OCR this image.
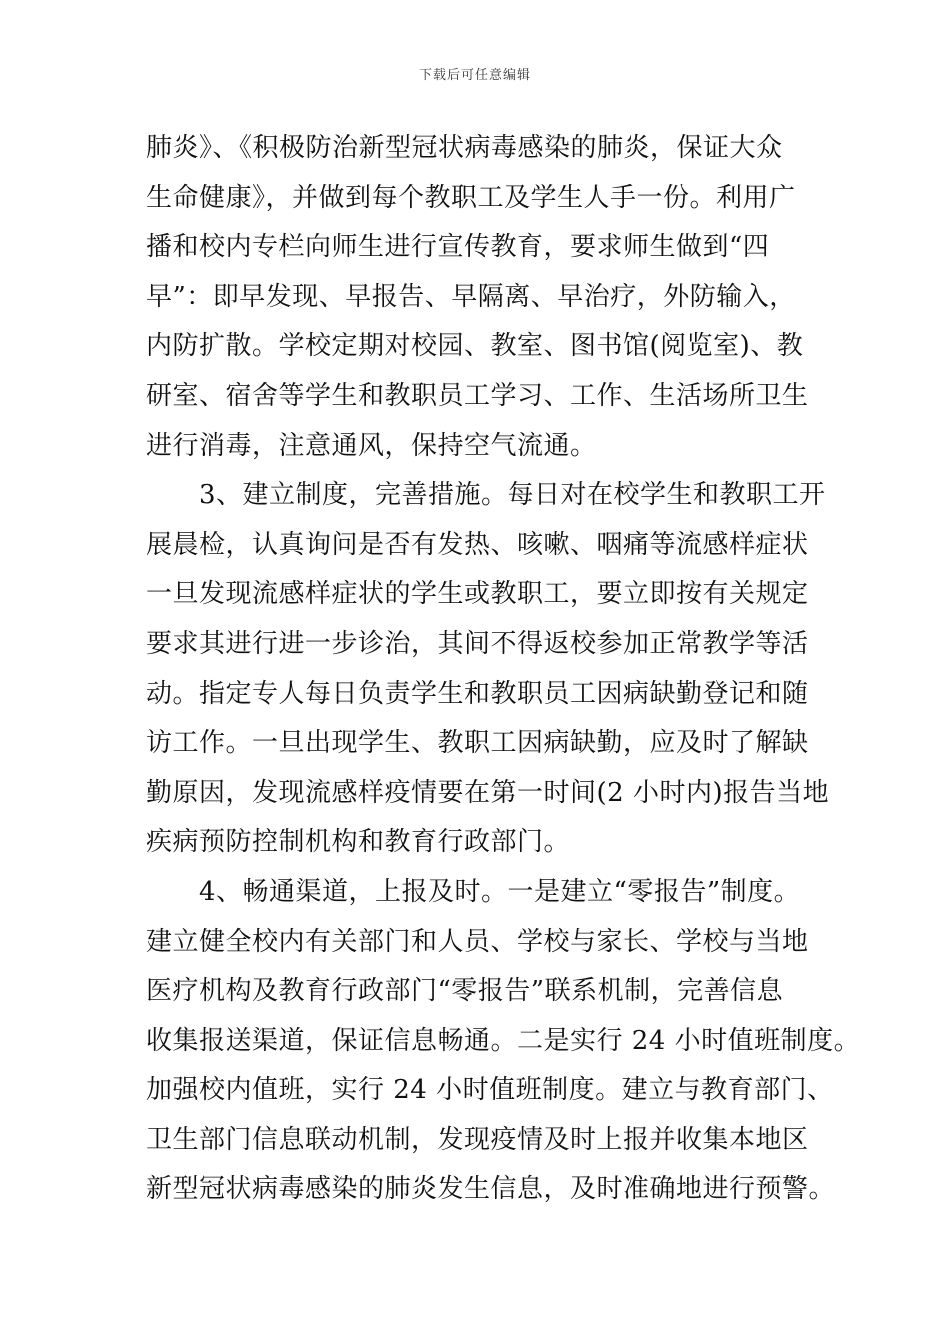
下载后可任意编辑
肺炎》、《积极防治新型冠状病毒感染的肺炎，保证大众
生命健康》，并做到每个教职工及学生人手一份。利用广
播和校内专栏向师生进行宣传教育，要求师生做到“四
早”：即早发现、早报告、早隔离、早治疗，外防输入，
内防扩散。学校定期对校园、教室、图书馆(阅览室)、教
研室、宿舍等学生和教职员工学习、工作、生活场所卫生
进行消毒，注意通风，保持空气流通。
　　3、建立制度，完善措施。每日对在校学生和教职工开
展晨检，认真询问是否有发热、咳嗽、咽痛等流感样症状
一旦发现流感样症状的学生或教职工，要立即按有关规定
要求其进行进一步诊治，其间不得返校参加正常教学等活
动。指定专人每日负责学生和教职员工因病缺勤登记和随
访工作。一旦出现学生、教职工因病缺勤，应及时了解缺
勤原因，发现流感样疫情要在第一时间(2 小时内)报告当地
疾病预防控制机构和教育行政部门。
　　4、畅通渠道，上报及时。一是建立“零报告”制度。
建立健全校内有关部门和人员、学校与家长、学校与当地
医疗机构及教育行政部门“零报告”联系机制，完善信息
收集报送渠道，保证信息畅通。二是实行 24 小时值班制度。
加强校内值班，实行 24 小时值班制度。建立与教育部门、
卫生部门信息联动机制，发现疫情及时上报并收集本地区
新型冠状病毒感染的肺炎发生信息，及时准确地进行预警。
